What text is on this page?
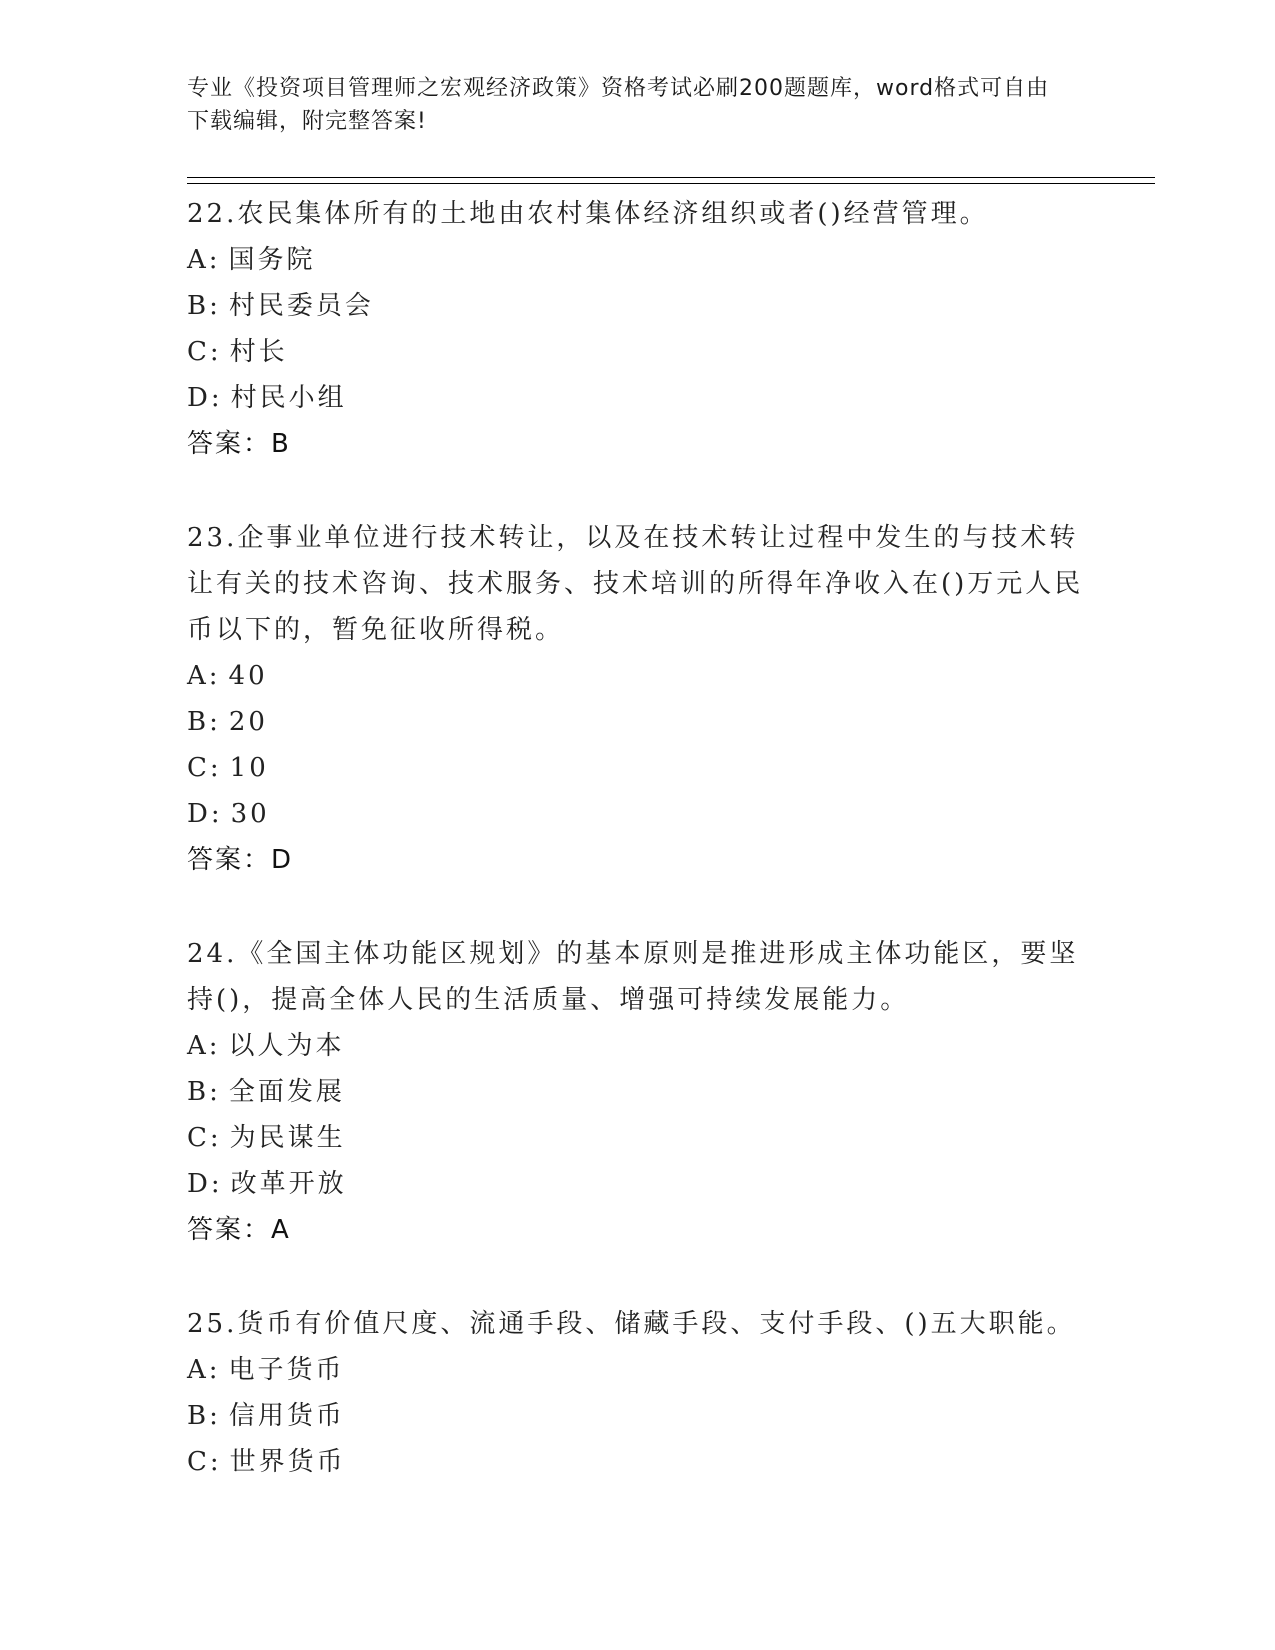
专业《投资项目管理师之宏观经济政策》资格考试必刷200题题库，word格式可自由下载编辑，附完整答案!
22.农民集体所有的土地由农村集体经济组织或者()经营管理。
A: 国务院
B: 村民委员会
C: 村长
D: 村民小组
答案：B
23.企事业单位进行技术转让，以及在技术转让过程中发生的与技术转让有关的技术咨询、技术服务、技术培训的所得年净收入在()万元人民币以下的，暂免征收所得税。
A: 40
B: 20
C: 10
D: 30
答案：D
24.《全国主体功能区规划》的基本原则是推进形成主体功能区，要坚持()，提高全体人民的生活质量、增强可持续发展能力。
A: 以人为本
B: 全面发展
C: 为民谋生
D: 改革开放
答案：A
25.货币有价值尺度、流通手段、储藏手段、支付手段、()五大职能。
A: 电子货币
B: 信用货币
C: 世界货币
